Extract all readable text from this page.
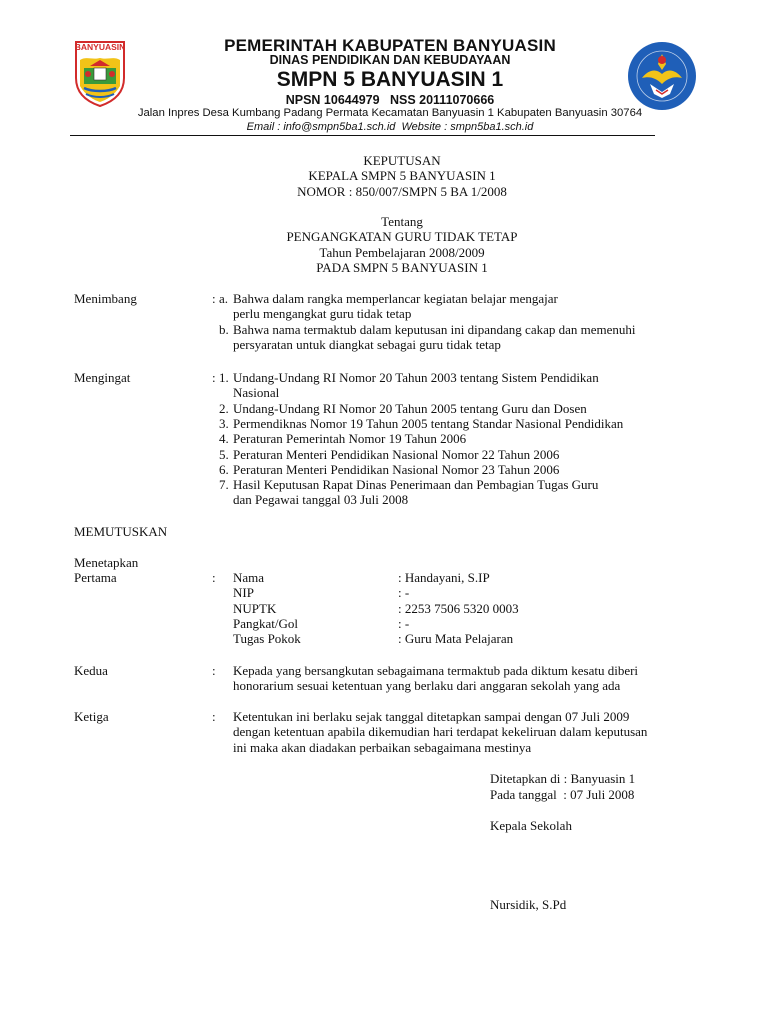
BANYUASIN	PEMERINTAH KABUPATEN BANYUASIN
DINAS PENDIDIKAN DAN KEBUDAYAAN
SMPN 5 BANYUASIN 1
NPSN 10644979   NSS 20111070666
Jalan Inpres Desa Kumbang Padang Permata Kecamatan Banyuasin 1 Kabupaten Banyuasin 30764
Email : info@smpn5ba1.sch.id  Website : smpn5ba1.sch.id
KEPUTUSAN
KEPALA SMPN 5 BANYUASIN 1
NOMOR : 850/007/SMPN 5 BA 1/2008
Tentang
PENGANGKATAN GURU TIDAK TETAP
Tahun Pembelajaran 2008/2009
PADA SMPN 5 BANYUASIN 1
Menimbang	: a. Bahwa dalam rangka memperlancar kegiatan belajar mengajar
perlu mengangkat guru tidak tetap
b. Bahwa nama termaktub dalam keputusan ini dipandang cakap dan memenuhi
persyaratan untuk diangkat sebagai guru tidak tetap
Mengingat	: 1. Undang-Undang RI Nomor 20 Tahun 2003 tentang Sistem Pendidikan
Nasional
2. Undang-Undang RI Nomor 20 Tahun 2005 tentang Guru dan Dosen
3. Permendiknas Nomor 19 Tahun 2005 tentang Standar Nasional Pendidikan
4. Peraturan Pemerintah Nomor 19 Tahun 2006
5. Peraturan Menteri Pendidikan Nasional Nomor 22 Tahun 2006
6. Peraturan Menteri Pendidikan Nasional Nomor 23 Tahun 2006
7. Hasil Keputusan Rapat Dinas Penerimaan dan Pembagian Tugas Guru
dan Pegawai tanggal 03 Juli 2008
MEMUTUSKAN
Menetapkan
Pertama	: Nama	: Handayani, S.IP
NIP	: -
NUPTK	: 2253 7506 5320 0003
Pangkat/Gol	: -
Tugas Pokok	: Guru Mata Pelajaran
Kedua	: Kepada yang bersangkutan sebagaimana termaktub pada diktum kesatu diberi
honorarium sesuai ketentuan yang berlaku dari anggaran sekolah yang ada
Ketiga	: Ketentukan ini berlaku sejak tanggal ditetapkan sampai dengan 07 Juli 2009
dengan ketentuan apabila dikemudian hari terdapat kekeliruan dalam keputusan
ini maka akan diadakan perbaikan sebagaimana mestinya
Ditetapkan di : Banyuasin 1
Pada tanggal  : 07 Juli 2008
Kepala Sekolah
Nursidik, S.Pd
